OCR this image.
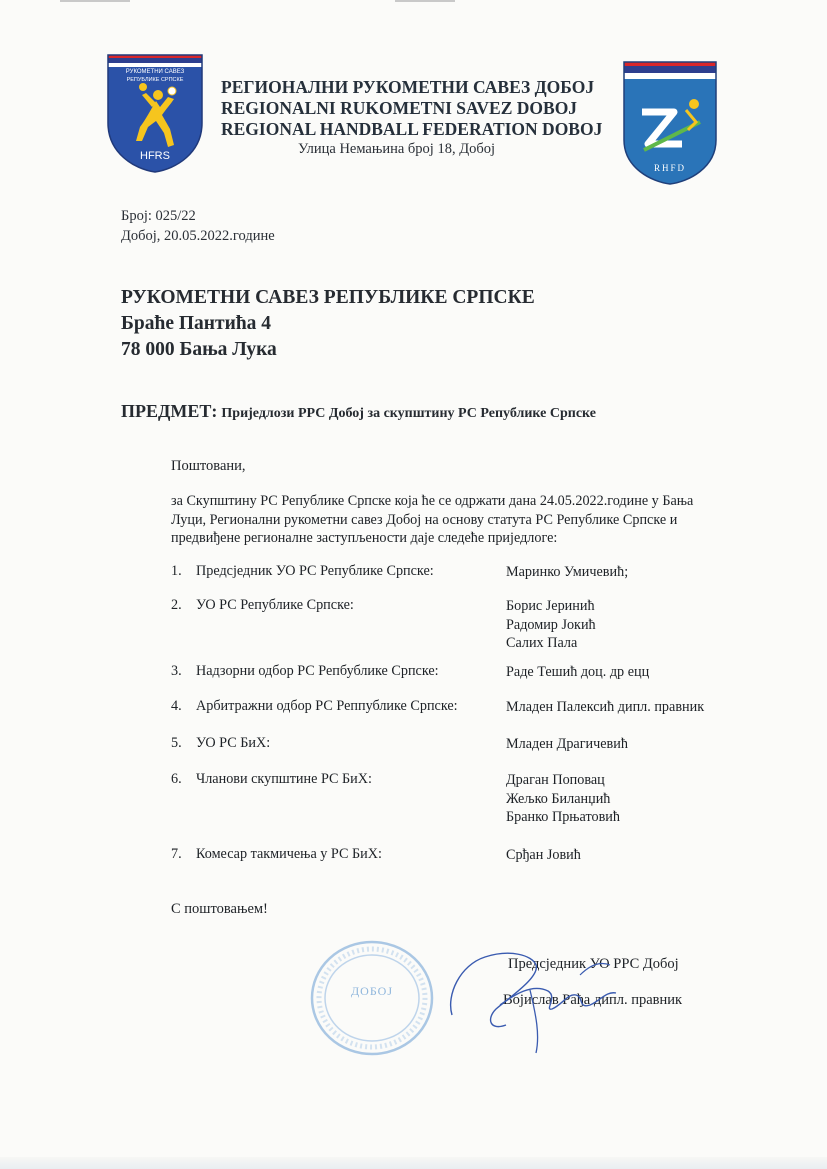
РУКОМЕТНИ САВЕЗ
РЕПУБЛИКЕ СРПСКЕ
HFRS
РЕГИОНАЛНИ РУКОМЕТНИ САВЕЗ ДОБОЈ
REGIONALNI RUKOMETNI SAVEZ DOBOJ
REGIONAL HANDBALL FEDERATION DOBOJ
Улица Немањина број 18, Добој
RHFD
Број: 025/22
Добој, 20.05.2022.године
РУКОМЕТНИ САВЕЗ РЕПУБЛИКЕ СРПСКЕ
Браће Пантића 4
78 000 Бања Лука
ПРЕДМЕТ: Приједлози РРС Добој за скупштину РС Републике Српске
Поштовани,
за Скупштину РС Републике Српске која ће се одржати дана 24.05.2022.године у Бања Луци, Регионални рукометни савез Добој на основу статута РС Републике Српске и предвиђене регионалне заступљености даје следеће приједлоге:
1. Предсједник УО РС Републике Српске:	Маринко Умичевић;
2. УО РС Републике Српске:	Борис Јеринић
Радомир Јокић
Салих Пала
3. Надзорни одбор РС Репбублике Српске:	Раде Тешић доц. др ецц
4. Арбитражни одбор РС Реппублике Српске:	Младен Палексић дипл. правник
5. УО РС БиХ:	Младен Драгичевић
6. Чланови скупштине РС БиХ:	Драган Поповац
Жељко Биланџић
Бранко Прњатовић
7. Комесар такмичења у РС БиХ:	Срђан Јовић
С поштовањем!
ДОБОЈ
Предсједник УО РРС Добој
Војислав Рађа дипл. правник
